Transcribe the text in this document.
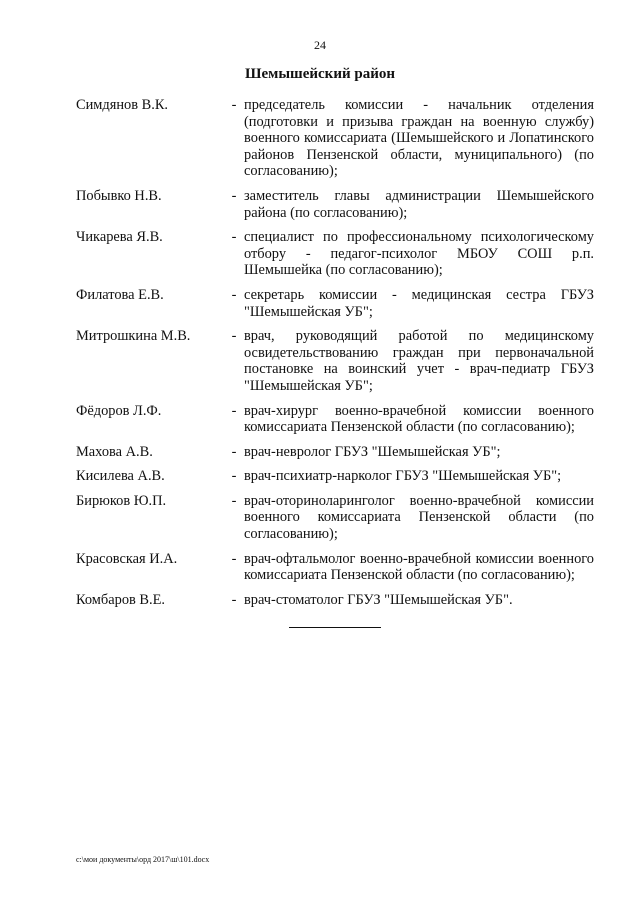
24
Шемышейский район
Симдянов В.К.	- председатель комиссии - начальник отделения (подготовки и призыва граждан на военную службу) военного комиссариата (Шемышейского и Лопатинского районов Пензенской области, муниципального) (по согласованию);
Побывко Н.В.	- заместитель главы администрации Шемышейского района (по согласованию);
Чикарева Я.В.	- специалист по профессиональному психологическому отбору - педагог-психолог МБОУ СОШ р.п. Шемышейка (по согласованию);
Филатова Е.В.	- секретарь комиссии - медицинская сестра ГБУЗ "Шемышейская УБ";
Митрошкина М.В.	- врач, руководящий работой по медицинскому освидетельствованию граждан при первоначальной постановке на воинский учет - врач-педиатр ГБУЗ "Шемышейская УБ";
Фёдоров Л.Ф.	- врач-хирург военно-врачебной комиссии военного комиссариата Пензенской области (по согласованию);
Махова А.В.	- врач-невролог ГБУЗ "Шемышейская УБ";
Кисилева А.В.	- врач-психиатр-нарколог ГБУЗ "Шемышейская УБ";
Бирюков Ю.П.	- врач-оториноларинголог военно-врачебной комиссии военного комиссариата Пензенской области (по согласованию);
Красовская И.А.	- врач-офтальмолог военно-врачебной комиссии военного комиссариата Пензенской области (по согласованию);
Комбаров В.Е.	- врач-стоматолог ГБУЗ "Шемышейская УБ".
c:\мои документы\орд 2017\ш\101.docx
